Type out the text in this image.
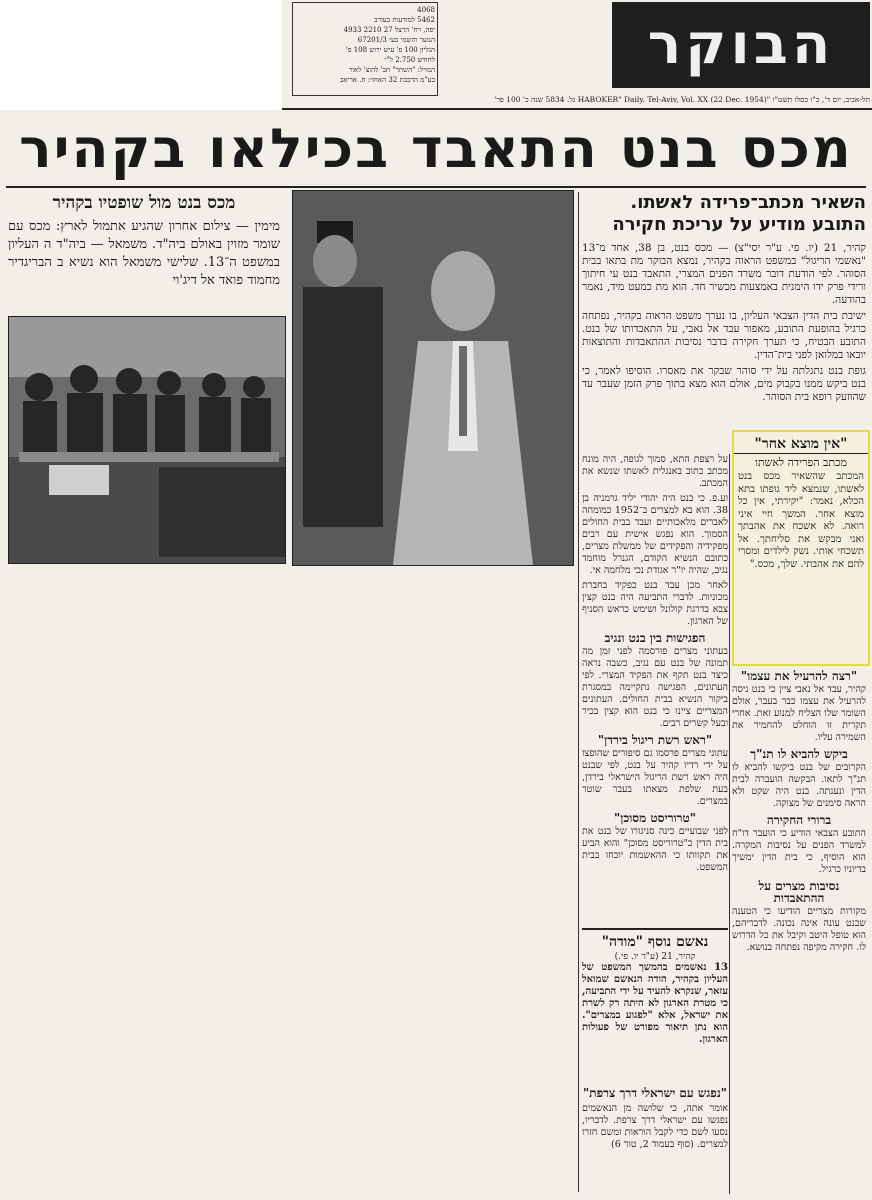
הבוקר
4068
5462 למודעות בעורב
יפה, רח' הרצל 27 2210 4933
הנוער והשמי בעי 67201/3
הגליון 100 פ' עיש ירוש 108 פ'
לחודש 2.750 ל"י
המויל: "השחר" חב' להוצ' לאור
בע"מ הרכבת 32 האחוי: ח. אריאב
תל-אביב, יום ד', כ"ו כסלו תשט"ו "HABOKER" Daily. Tel-Aviv, Vol. XX (22 Dec. 1954) גל. 5834 שנה כ' 100 פר'
מכס בנט התאבד בכילאו בקהיר
מכס בנט מול שופטיו בקהיר
מימין — צילום אחרון שהגיע אתמול לארץ: מכס עם שומר מזוין באולם ביה"ד. משמאל — ביה"ד ה העליון במשפט ה־13. שלישי משמאל הוא נשיא ב הבריגדיר מחמוד פואד אל דיג'וי
השאיר מכתב־פרידה לאשתו. התובע מודיע על עריכת חקירה

קהיר, 21 (יו. פי. ע"ר יסי"צ) — מכס בנט, בן 38, אחד מ־13 "נאשמי הריגול" במשפט הראוה בקהיר, נמצא הבוקר מת בתאו בבית הסוהר. לפי הודעת דובר משרד הפנים המצרי, התאבד בנט עי חיתוך ורידי פרק ידו הימנית באמצעות מכשיר חד. הוא מת כמעט מיד, נאמר בהודעה.

ישיבת בית הדין הצבאי העליון, בו נערך משפט הראוה בקהיר, נפתחה כרגיל בהופעת התובע, מאפור עבד אל נאבי, על התאבדותו של בנט. התובע הבטיח, כי תערך חקירה בדבר נסיבות ההתאבדות והתוצאות יובאו במלואן לפני בית־הדין.

גופת בנט נתגלתה על ידי סוהר שבקר את מאסרו. הוסיפו לאמר, כי בנט ביקש ממנו בקבוק מים, אולם הוא מצא בתוך פרק הזמן שעבר עד שהוזעק רופא בית הסוהר.

"אין מוצא אחר"
מכתב הפרידה לאשתו
המכתב שהשאיר מכס בנט לאשתו, שנמצא ליד גופתו בתא הכלא, נאמר: "יקירתי, אין כל מוצא אחר. המשך חיי איני רואה. לא אשכח את אהבתך ואני מבקש את סליחתך. אל תשכחי אותי. נשק לילדים ומסרי להם את אהבתי. שלך, מכס."

על רצפת התא, סמוך לגופה, היה מונח מכתב כתוב באנגלית לאשתו שנשא את המכתב.

וע.פ. כי בנט היה יהודי יליד גרמניה בן 38. הוא בא למצרים ב־1952 כמומחה לאברים מלאכותיים ועבד בבית החולים הסמוך. הוא נפגש אישית עם רבים מפקידיה והפקידים של ממשלת מצרים, כתובם הנשיא הקודם, הגנרל מוחמד נגיב, שהיה יו"ר אגודת נכי מלחמה אי.

לאחר מכן עבד בנט כפקיד בחברת מכוניות. לדברי התביעה היה בנט קצין צבא בדרגת קולונל ושימש כראש הסניף של הארגון.

הפגישות בין בנט ונגיב

בעתוני מצרים פורסמה לפני זמן מה תמונה של בנט עם נגיב, כשבה נראה כיצד בנט תקף את הפקיד המצרי. לפי העתונים, הפגישה נתקיימה במסגרת ביקור הנשיא בבית החולים. העתונים המצריים ציינו כי בנט הוא קצין בכיר ובעל קשרים רבים.

"ראש רשת ריגול בירדן"

עתוני מצרים פרסמו גם סיפורים שהופצו על ידי רדיו קהיר על בנט, לפי שבנט היה ראש רשת הריגול הישראלי בירדן, בעת שלפת מצאתו בעבר שוטר במצרים.

"טרוריסט מסוכן"

לפני שבועיים כינה סניגורו של בנט את בית הדין כ"טרוריסט מסוכן" והוא הביע את תקוותו כי ההאשמות יוכחו בבית המשפט.

"רצה להרעיל את עצמו"

קהיר, עבד אל נאבי ציין כי בנט ניסה להרעיל את עצמו כבר בעבר, אולם השומר שלו הצליח למנוע זאת. אחרי תקרית זו הוחלט להחמיר את השמירה עליו.

ביקש להביא לו תנ"ך

הקרובים של בנט ביקשו להביא לו תנ"ך לתאו. הבקשה הועברה לבית הדין ונענתה. בנט היה שקט ולא הראה סימנים של מצוקה.

ברורי החקירה

התובע הצבאי הודיע כי הועבר דו"ח למשרד הפנים על נסיבות המקרה. הוא הוסיף, כי בית הדין ימשיך בדיוניו כרגיל.

נסיבות מצרים על ההתאבדות

מקורות מצריים הודיעו כי הטענה שבנט עונה אינה נכונה. לדבריהם, הוא טופל היטב וקיבל את כל הדרוש לו. חקירה מקיפה נפתחה בנושא.

נאשם נוסף "מודה"
קהיר, 21 (ע"ר יו. פי.)
13 נאשמים בהמשך המשפט של העליון בקהיר, הודה הנאשם שמואל עזאר, שנקרא להעיד על ידי התביעה, כי מטרת הארגון לא היתה רק לשרת את ישראל, אלא "לפגוע במצרים". הוא נתן תיאור מפורט של פעולות הארגון.
"נפגש עם ישראלי דרך צרפת"
אומר אתה, כי שלושה מן הנאשמים נפגשו עם ישראלי דרך צרפת. לדבריו, נסעו לשם כדי לקבל הוראות ומשם חזרו למצרים. (סוף בעמוד 2, טור 6)
